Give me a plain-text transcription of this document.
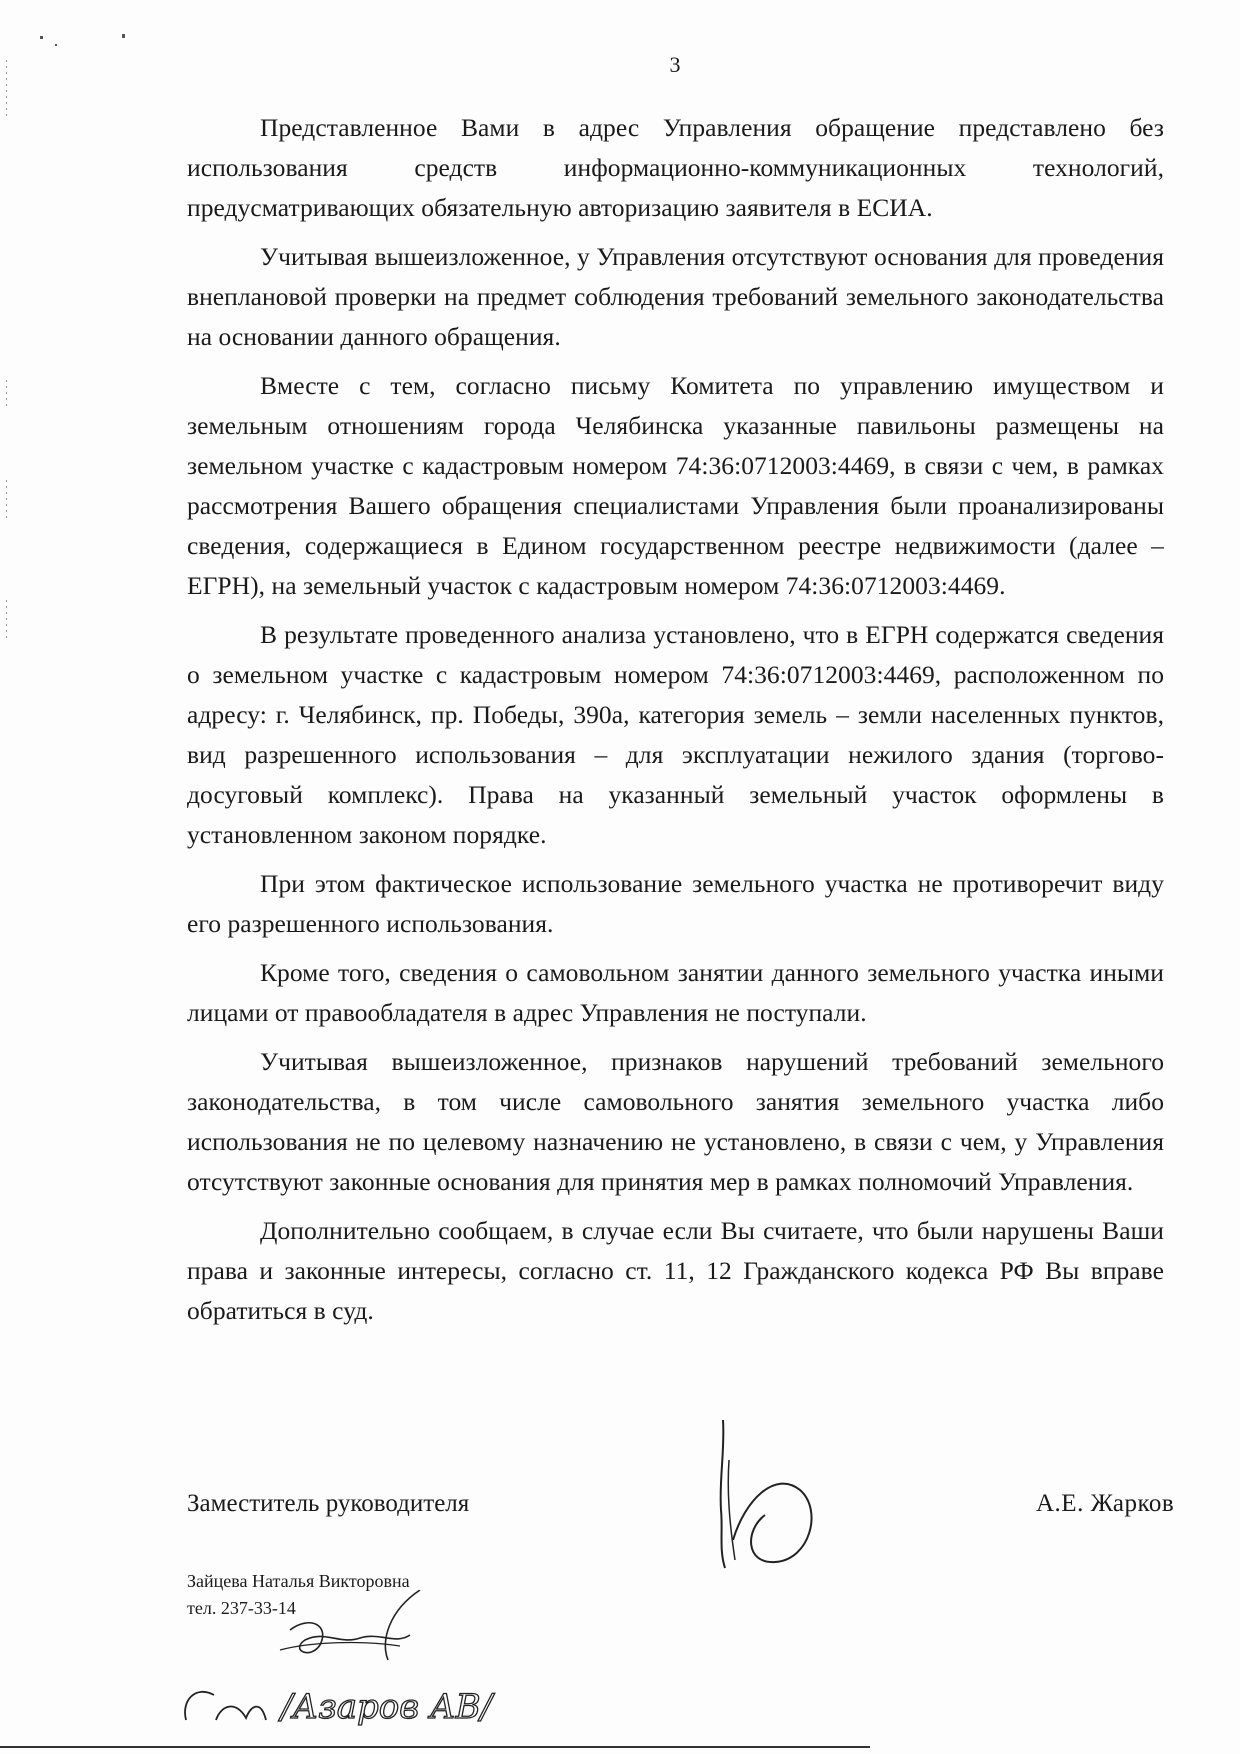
3

Представленное Вами в адрес Управления обращение представлено без использования средств информационно-коммуникационных технологий, предусматривающих обязательную авторизацию заявителя в ЕСИА.

Учитывая вышеизложенное, у Управления отсутствуют основания для проведения внеплановой проверки на предмет соблюдения требований земельного законодательства на основании данного обращения.

Вместе с тем, согласно письму Комитета по управлению имуществом и земельным отношениям города Челябинска указанные павильоны размещены на земельном участке с кадастровым номером 74:36:0712003:4469, в связи с чем, в рамках рассмотрения Вашего обращения специалистами Управления были проанализированы сведения, содержащиеся в Едином государственном реестре недвижимости (далее – ЕГРН), на земельный участок с кадастровым номером 74:36:0712003:4469.

В результате проведенного анализа установлено, что в ЕГРН содержатся сведения о земельном участке с кадастровым номером 74:36:0712003:4469, расположенном по адресу: г. Челябинск, пр. Победы, 390а, категория земель – земли населенных пунктов, вид разрешенного использования – для эксплуатации нежилого здания (торгово-досуговый комплекс). Права на указанный земельный участок оформлены в установленном законом порядке.

При этом фактическое использование земельного участка не противоречит виду его разрешенного использования.

Кроме того, сведения о самовольном занятии данного земельного участка иными лицами от правообладателя в адрес Управления не поступали.

Учитывая вышеизложенное, признаков нарушений требований земельного законодательства, в том числе самовольного занятия земельного участка либо использования не по целевому назначению не установлено, в связи с чем, у Управления отсутствуют законные основания для принятия мер в рамках полномочий Управления.

Дополнительно сообщаем, в случае если Вы считаете, что были нарушены Ваши права и законные интересы, согласно ст. 11, 12 Гражданского кодекса РФ Вы вправе обратиться в суд.

Заместитель руководителя	А.Е. Жарков
Зайцева Наталья Викторовна
тел. 237-33-14
/Азаров АВ/
